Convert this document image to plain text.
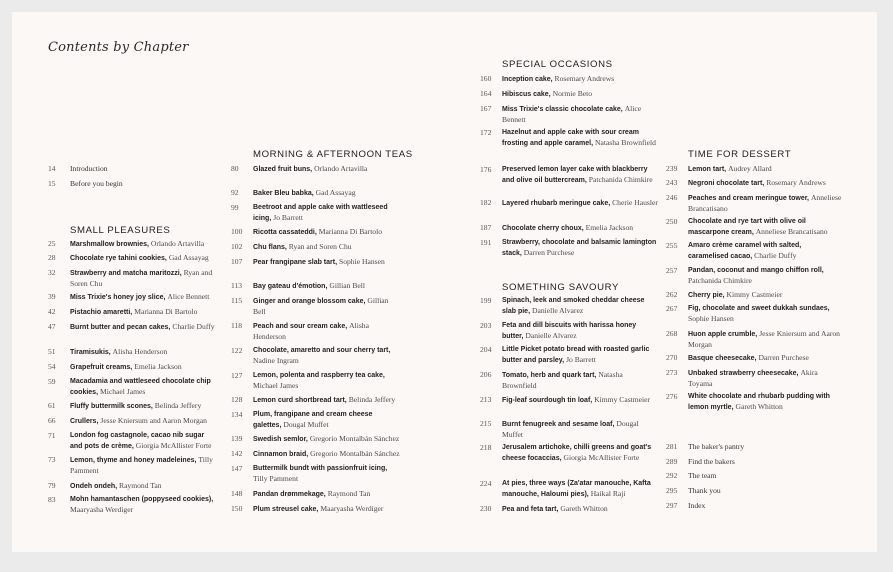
Contents by Chapter
14	Introduction
15	Before you begin
SMALL PLEASURES
25	Marshmallow brownies, Orlando Artavilla
28	Chocolate rye tahini cookies, Gad Assayag
32	Strawberry and matcha maritozzi, Ryan and Soren Chu
39	Miss Trixie's honey joy slice, Alice Bennett
42	Pistachio amaretti, Marianna Di Bartolo
47	Burnt butter and pecan cakes, Charlie Duffy
51	Tiramisukis, Alisha Henderson
54	Grapefruit creams, Emelia Jackson
59	Macadamia and wattleseed chocolate chip cookies, Michael James
61	Fluffy buttermilk scones, Belinda Jeffery
66	Crullers, Jesse Kniersum and Aaron Morgan
71	London fog castagnole, cacao nib sugar and pots de crème, Giorgia McAllister Forte
73	Lemon, thyme and honey madeleines, Tilly Pamment
79	Ondeh ondeh, Raymond Tan
83	Mohn hamantaschen (poppyseed cookies), Maaryasha Werdiger
MORNING & AFTERNOON TEAS
80	Glazed fruit buns, Orlando Artavilla
92	Baker Bleu babka, Gad Assayag
99	Beetroot and apple cake with wattleseed icing, Jo Barrett
100	Ricotta cassateddi, Marianna Di Bartolo
102	Chu flans, Ryan and Soren Chu
107	Pear frangipane slab tart, Sophie Hansen
113	Bay gateau d'émotion, Gillian Bell
115	Ginger and orange blossom cake, Gillian Bell
118	Peach and sour cream cake, Alisha Henderson
122	Chocolate, amaretto and sour cherry tart, Nadine Ingram
127	Lemon, polenta and raspberry tea cake, Michael James
128	Lemon curd shortbread tart, Belinda Jeffery
134	Plum, frangipane and cream cheese galettes, Dougal Muffet
139	Swedish semlor, Gregorio Montalbán Sánchez
142	Cinnamon braid, Gregorio Montalbán Sánchez
147	Buttermilk bundt with passionfruit icing, Tilly Pamment
148	Pandan drømmekage, Raymond Tan
150	Plum streusel cake, Maaryasha Werdiger
SPECIAL OCCASIONS
160	Inception cake, Rosemary Andrews
164	Hibiscus cake, Normie Beto
167	Miss Trixie's classic chocolate cake, Alice Bennett
172	Hazelnut and apple cake with sour cream frosting and apple caramel, Natasha Brownfield
176	Preserved lemon layer cake with blackberry and olive oil buttercream, Patchanida Chimkire
182	Layered rhubarb meringue cake, Cherie Hausler
187	Chocolate cherry choux, Emelia Jackson
191	Strawberry, chocolate and balsamic lamington stack, Darren Purchese
SOMETHING SAVOURY
199	Spinach, leek and smoked cheddar cheese slab pie, Danielle Alvarez
203	Feta and dill biscuits with harissa honey butter, Danielle Alvarez
204	Little Picket potato bread with roasted garlic butter and parsley, Jo Barrett
206	Tomato, herb and quark tart, Natasha Brownfield
213	Fig-leaf sourdough tin loaf, Kimmy Castmeier
215	Burnt fenugreek and sesame loaf, Dougal Muffet
218	Jerusalem artichoke, chilli greens and goat's cheese focaccias, Giorgia McAllister Forte
224	At pies, three ways (Za'atar manouche, Kafta manouche, Haloumi pies), Haikal Raji
230	Pea and feta tart, Gareth Whitton
TIME FOR DESSERT
239	Lemon tart, Audrey Allard
243	Negroni chocolate tart, Rosemary Andrews
246	Peaches and cream meringue tower, Anneliese Brancatisano
250	Chocolate and rye tart with olive oil mascarpone cream, Anneliese Brancatisano
255	Amaro crème caramel with salted, caramelised cacao, Charlie Duffy
257	Pandan, coconut and mango chiffon roll, Patchanida Chimkire
262	Cherry pie, Kimmy Castmeier
267	Fig, chocolate and sweet dukkah sundaes, Sophie Hansen
268	Huon apple crumble, Jesse Kniersum and Aaron Morgan
270	Basque cheesecake, Darren Purchese
273	Unbaked strawberry cheesecake, Akira Toyama
276	White chocolate and rhubarb pudding with lemon myrtle, Gareth Whitton
281	The baker's pantry
289	Find the bakers
292	The team
295	Thank you
297	Index
